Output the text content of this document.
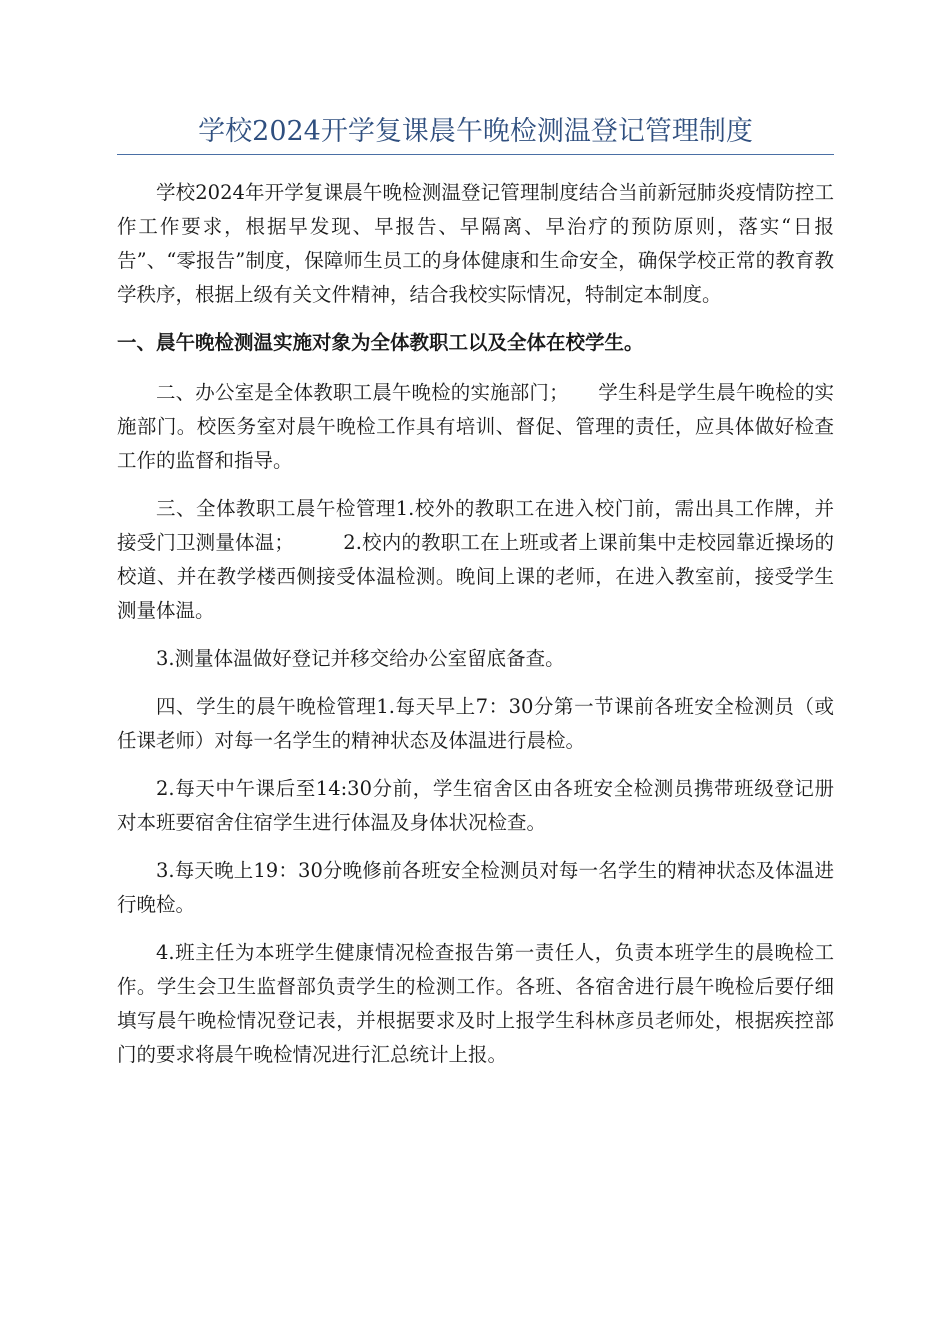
学校2024开学复课晨午晚检测温登记管理制度

学校2024年开学复课晨午晚检测温登记管理制度结合当前新冠肺炎疫情防控工作工作要求，根据早发现、早报告、早隔离、早治疗的预防原则，落实“日报告”、“零报告”制度，保障师生员工的身体健康和生命安全，确保学校正常的教育教学秩序，根据上级有关文件精神，结合我校实际情况，特制定本制度。

一、晨午晚检测温实施对象为全体教职工以及全体在校学生。

二、办公室是全体教职工晨午晚检的实施部门；　　学生科是学生晨午晚检的实施部门。校医务室对晨午晚检工作具有培训、督促、管理的责任，应具体做好检查工作的监督和指导。

三、全体教职工晨午检管理1.校外的教职工在进入校门前，需出具工作牌，并接受门卫测量体温；　　　2.校内的教职工在上班或者上课前集中走校园靠近操场的校道、并在教学楼西侧接受体温检测。晚间上课的老师，在进入教室前，接受学生测量体温。

3.测量体温做好登记并移交给办公室留底备查。

四、学生的晨午晚检管理1.每天早上7：30分第一节课前各班安全检测员（或任课老师）对每一名学生的精神状态及体温进行晨检。

2.每天中午课后至14:30分前，学生宿舍区由各班安全检测员携带班级登记册对本班要宿舍住宿学生进行体温及身体状况检查。

3.每天晚上19：30分晚修前各班安全检测员对每一名学生的精神状态及体温进行晚检。

4.班主任为本班学生健康情况检查报告第一责任人，负责本班学生的晨晚检工作。学生会卫生监督部负责学生的检测工作。各班、各宿舍进行晨午晚检后要仔细填写晨午晚检情况登记表，并根据要求及时上报学生科林彦员老师处，根据疾控部门的要求将晨午晚检情况进行汇总统计上报。
